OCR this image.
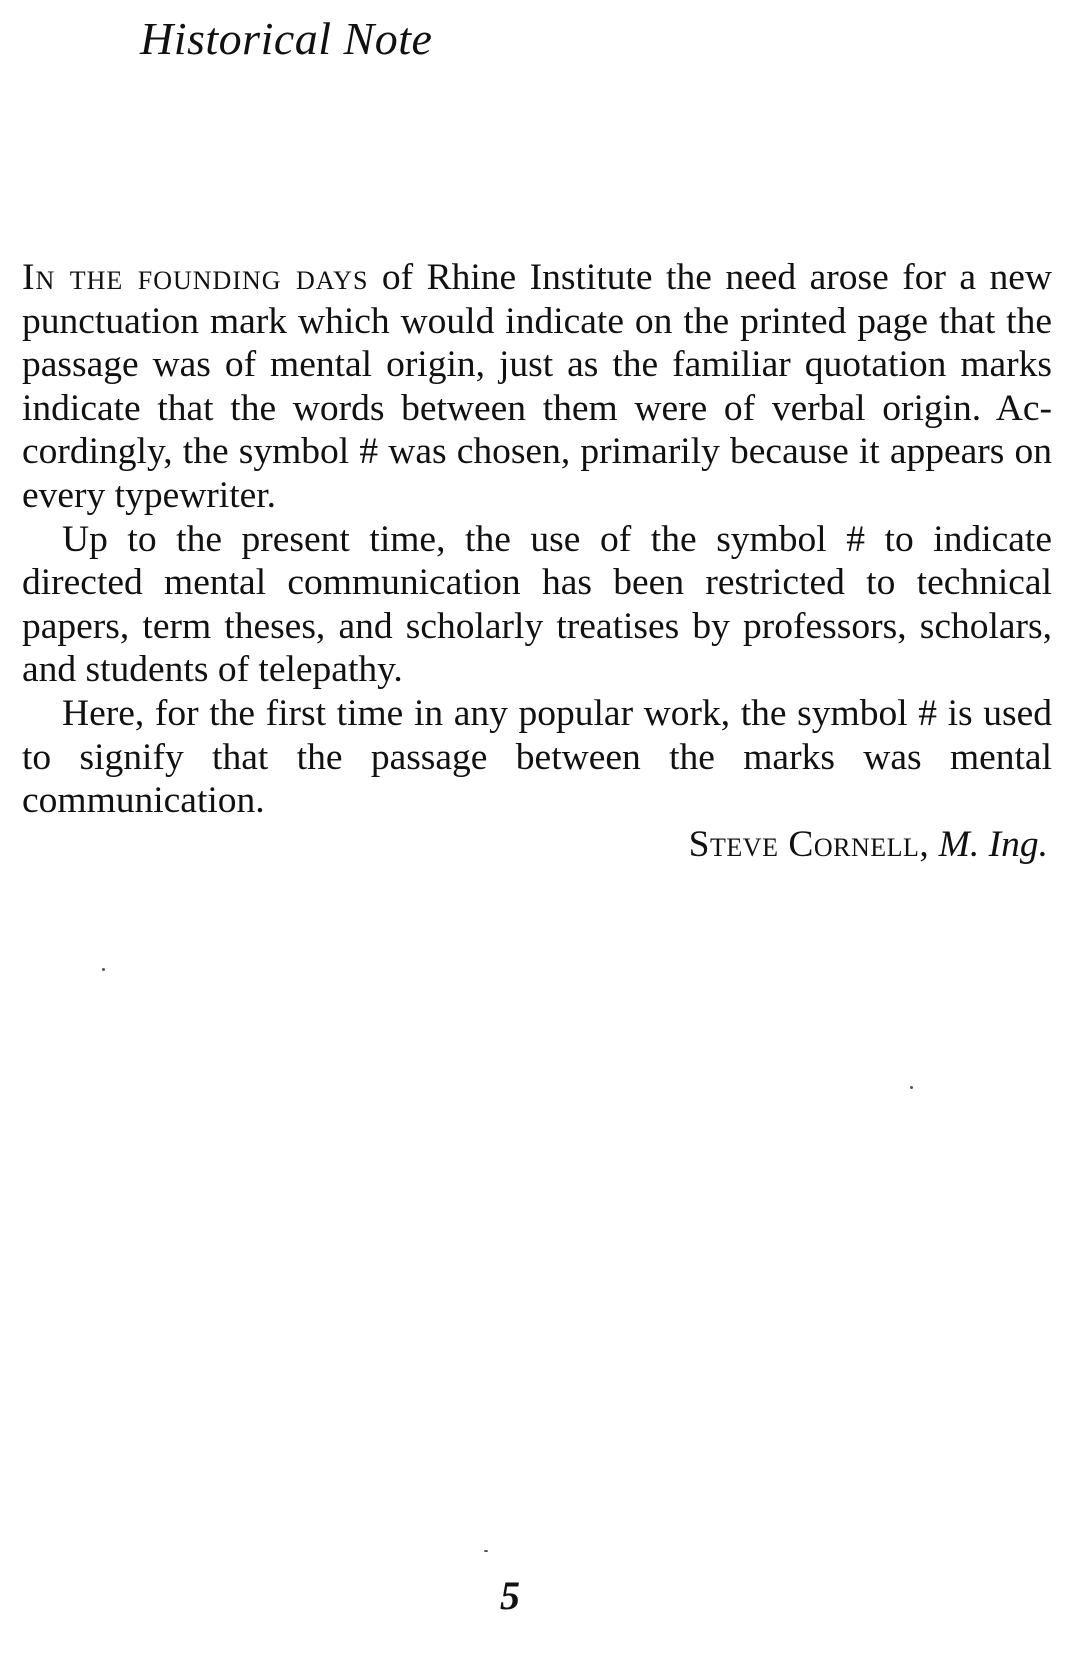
Historical Note

In the founding days of Rhine Institute the need arose for a new punctuation mark which would indicate on the printed page that the passage was of mental origin, just as the familiar quotation marks indicate that the words between them were of verbal origin. Accordingly, the symbol # was chosen, primarily because it appears on every typewriter.

Up to the present time, the use of the symbol # to indicate directed mental communication has been restricted to technical papers, term theses, and scholarly treatises by professors, scholars, and students of telepathy.

Here, for the first time in any popular work, the symbol # is used to signify that the passage between the marks was mental communication.

Steve Cornell, M. Ing.
5
